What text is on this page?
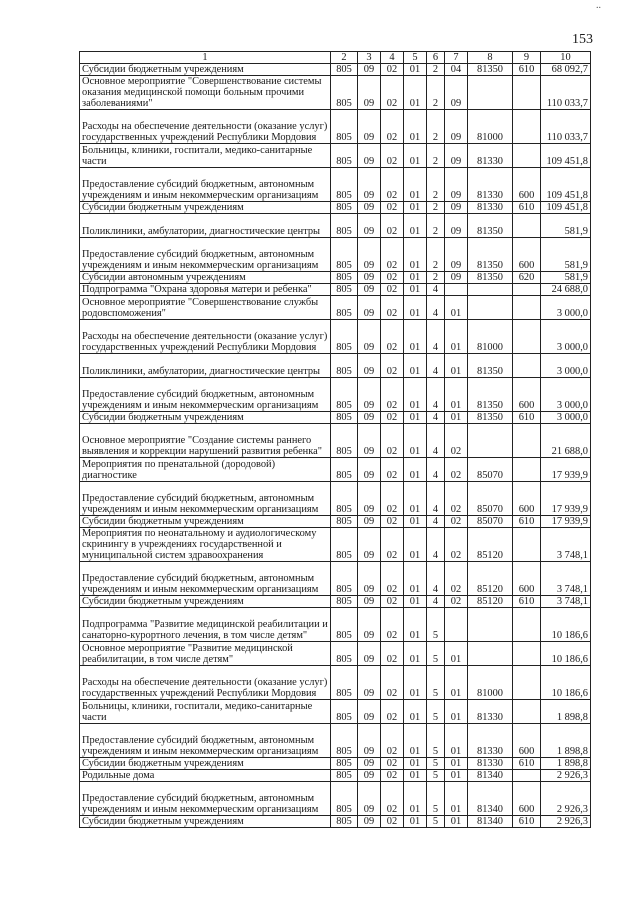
..
153
1	2	3	4	5	6	7	8	9	10
Субсидии бюджетным учреждениям	805	09	02	01	2	04	81350	610	68 092,7
Основное мероприятие "Совершенствование системы оказания медицинской помощи больным прочими заболеваниями"	805	09	02	01	2	09			110 033,7
Расходы на обеспечение деятельности (оказание услуг) государственных учреждений Республики Мордовия	805	09	02	01	2	09	81000		110 033,7
Больницы, клиники, госпитали, медико-санитарные части	805	09	02	01	2	09	81330		109 451,8
Предоставление субсидий бюджетным, автономным учреждениям и иным некоммерческим организациям	805	09	02	01	2	09	81330	600	109 451,8
Субсидии бюджетным учреждениям	805	09	02	01	2	09	81330	610	109 451,8
Поликлиники, амбулатории, диагностические центры	805	09	02	01	2	09	81350		581,9
Предоставление субсидий бюджетным, автономным учреждениям и иным некоммерческим организациям	805	09	02	01	2	09	81350	600	581,9
Субсидии автономным учреждениям	805	09	02	01	2	09	81350	620	581,9
Подпрограмма "Охрана здоровья матери и ребенка"	805	09	02	01	4				24 688,0
Основное мероприятие "Совершенствование службы родовспоможения"	805	09	02	01	4	01			3 000,0
Расходы на обеспечение деятельности (оказание услуг) государственных учреждений Республики Мордовия	805	09	02	01	4	01	81000		3 000,0
Поликлиники, амбулатории, диагностические центры	805	09	02	01	4	01	81350		3 000,0
Предоставление субсидий бюджетным, автономным учреждениям и иным некоммерческим организациям	805	09	02	01	4	01	81350	600	3 000,0
Субсидии бюджетным учреждениям	805	09	02	01	4	01	81350	610	3 000,0
Основное мероприятие "Создание системы раннего выявления и коррекции нарушений развития ребенка"	805	09	02	01	4	02			21 688,0
Мероприятия по пренатальной (дородовой) диагностике	805	09	02	01	4	02	85070		17 939,9
Предоставление субсидий бюджетным, автономным учреждениям и иным некоммерческим организациям	805	09	02	01	4	02	85070	600	17 939,9
Субсидии бюджетным учреждениям	805	09	02	01	4	02	85070	610	17 939,9
Мероприятия по неонатальному и аудиологическому скринингу в учреждениях государственной и муниципальной систем здравоохранения	805	09	02	01	4	02	85120		3 748,1
Предоставление субсидий бюджетным, автономным учреждениям и иным некоммерческим организациям	805	09	02	01	4	02	85120	600	3 748,1
Субсидии бюджетным учреждениям	805	09	02	01	4	02	85120	610	3 748,1
Подпрограмма "Развитие медицинской реабилитации и санаторно-курортного лечения, в том числе детям"	805	09	02	01	5				10 186,6
Основное мероприятие "Развитие медицинской реабилитации, в том числе детям"	805	09	02	01	5	01			10 186,6
Расходы на обеспечение деятельности (оказание услуг) государственных учреждений Республики Мордовия	805	09	02	01	5	01	81000		10 186,6
Больницы, клиники, госпитали, медико-санитарные части	805	09	02	01	5	01	81330		1 898,8
Предоставление субсидий бюджетным, автономным учреждениям и иным некоммерческим организациям	805	09	02	01	5	01	81330	600	1 898,8
Субсидии бюджетным учреждениям	805	09	02	01	5	01	81330	610	1 898,8
Родильные дома	805	09	02	01	5	01	81340		2 926,3
Предоставление субсидий бюджетным, автономным учреждениям и иным некоммерческим организациям	805	09	02	01	5	01	81340	600	2 926,3
Субсидии бюджетным учреждениям	805	09	02	01	5	01	81340	610	2 926,3
